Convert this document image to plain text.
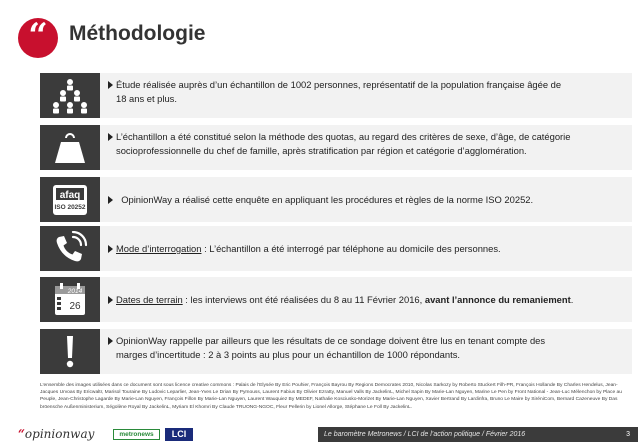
“	Méthodologie
Étude réalisée auprès d’un échantillon de 1002 personnes, représentatif de la population française âgée de
18 ans et plus.
L’échantillon a été constitué selon la méthode des quotas, au regard des critères de sexe, d’âge, de catégorie
socioprofessionnelle du chef de famille, après stratification par région et catégorie d’agglomération.
afaq
ISO 20252
OpinionWay a réalisé cette enquête en appliquant les procédures et règles de la norme ISO 20252.
Mode d’interrogation : L’échantillon a été interrogé par téléphone au domicile des personnes.
2014
26
Dates de terrain : les interviews ont été réalisées du 8 au 11 Février 2016, avant l’annonce du remaniement.
OpinionWay rappelle par ailleurs que les résultats de ce sondage doivent être lus en tenant compte des
marges d’incertitude : 2 à 3 points au plus pour un échantillon de 1000 répondants.
L’ensemble des images utilisées dans ce document sont sous licence creative commons : Palais de l’Elysée By Eric Pouhier, François Bayrou By Regions Democrates 2010, Nicolas Sarkozy by Roberto Stuckert Filh-PR, François Hollande By Charles Hendelus, Jean-Jacques Urvoas By Ericwaltr, Marisol Touraine By Ludovic Leparlier, Jean-Yves Le Drian By Pymouss, Laurent Fabius By Olivier Ezratty, Manuel Valls By JackelinL, Michel Sapin By Marie-Lan Nguyen, Marine Le Pen by Front National - Jean-Luc Mélenchon by Place au Peuple, Jean-Christophe Lagarde By Marie-Lan Nguyen, François Fillon By Marie-Lan Nguyen, Laurent Wauquiez By MEDEF, Nathalie Kosciusko-Morizet By Marie-Lan Nguyen, Xavier Bertrand By Lardinfra, Bruno Le Maire by SiréniCom, Bernard Cazeneuve By Das bröensche Außenministerium, Ségolène Royal By JackelinL, Myriam El Khomri By Claude TRUONG-NGOC, Fleur Pellerin by Lionel Allorge, Stéphane Le Foll By JackelinL.
“opinionway	metronews	LCI	Le baromètre Metronews / LCI de l’action politique / Février 2016	3
